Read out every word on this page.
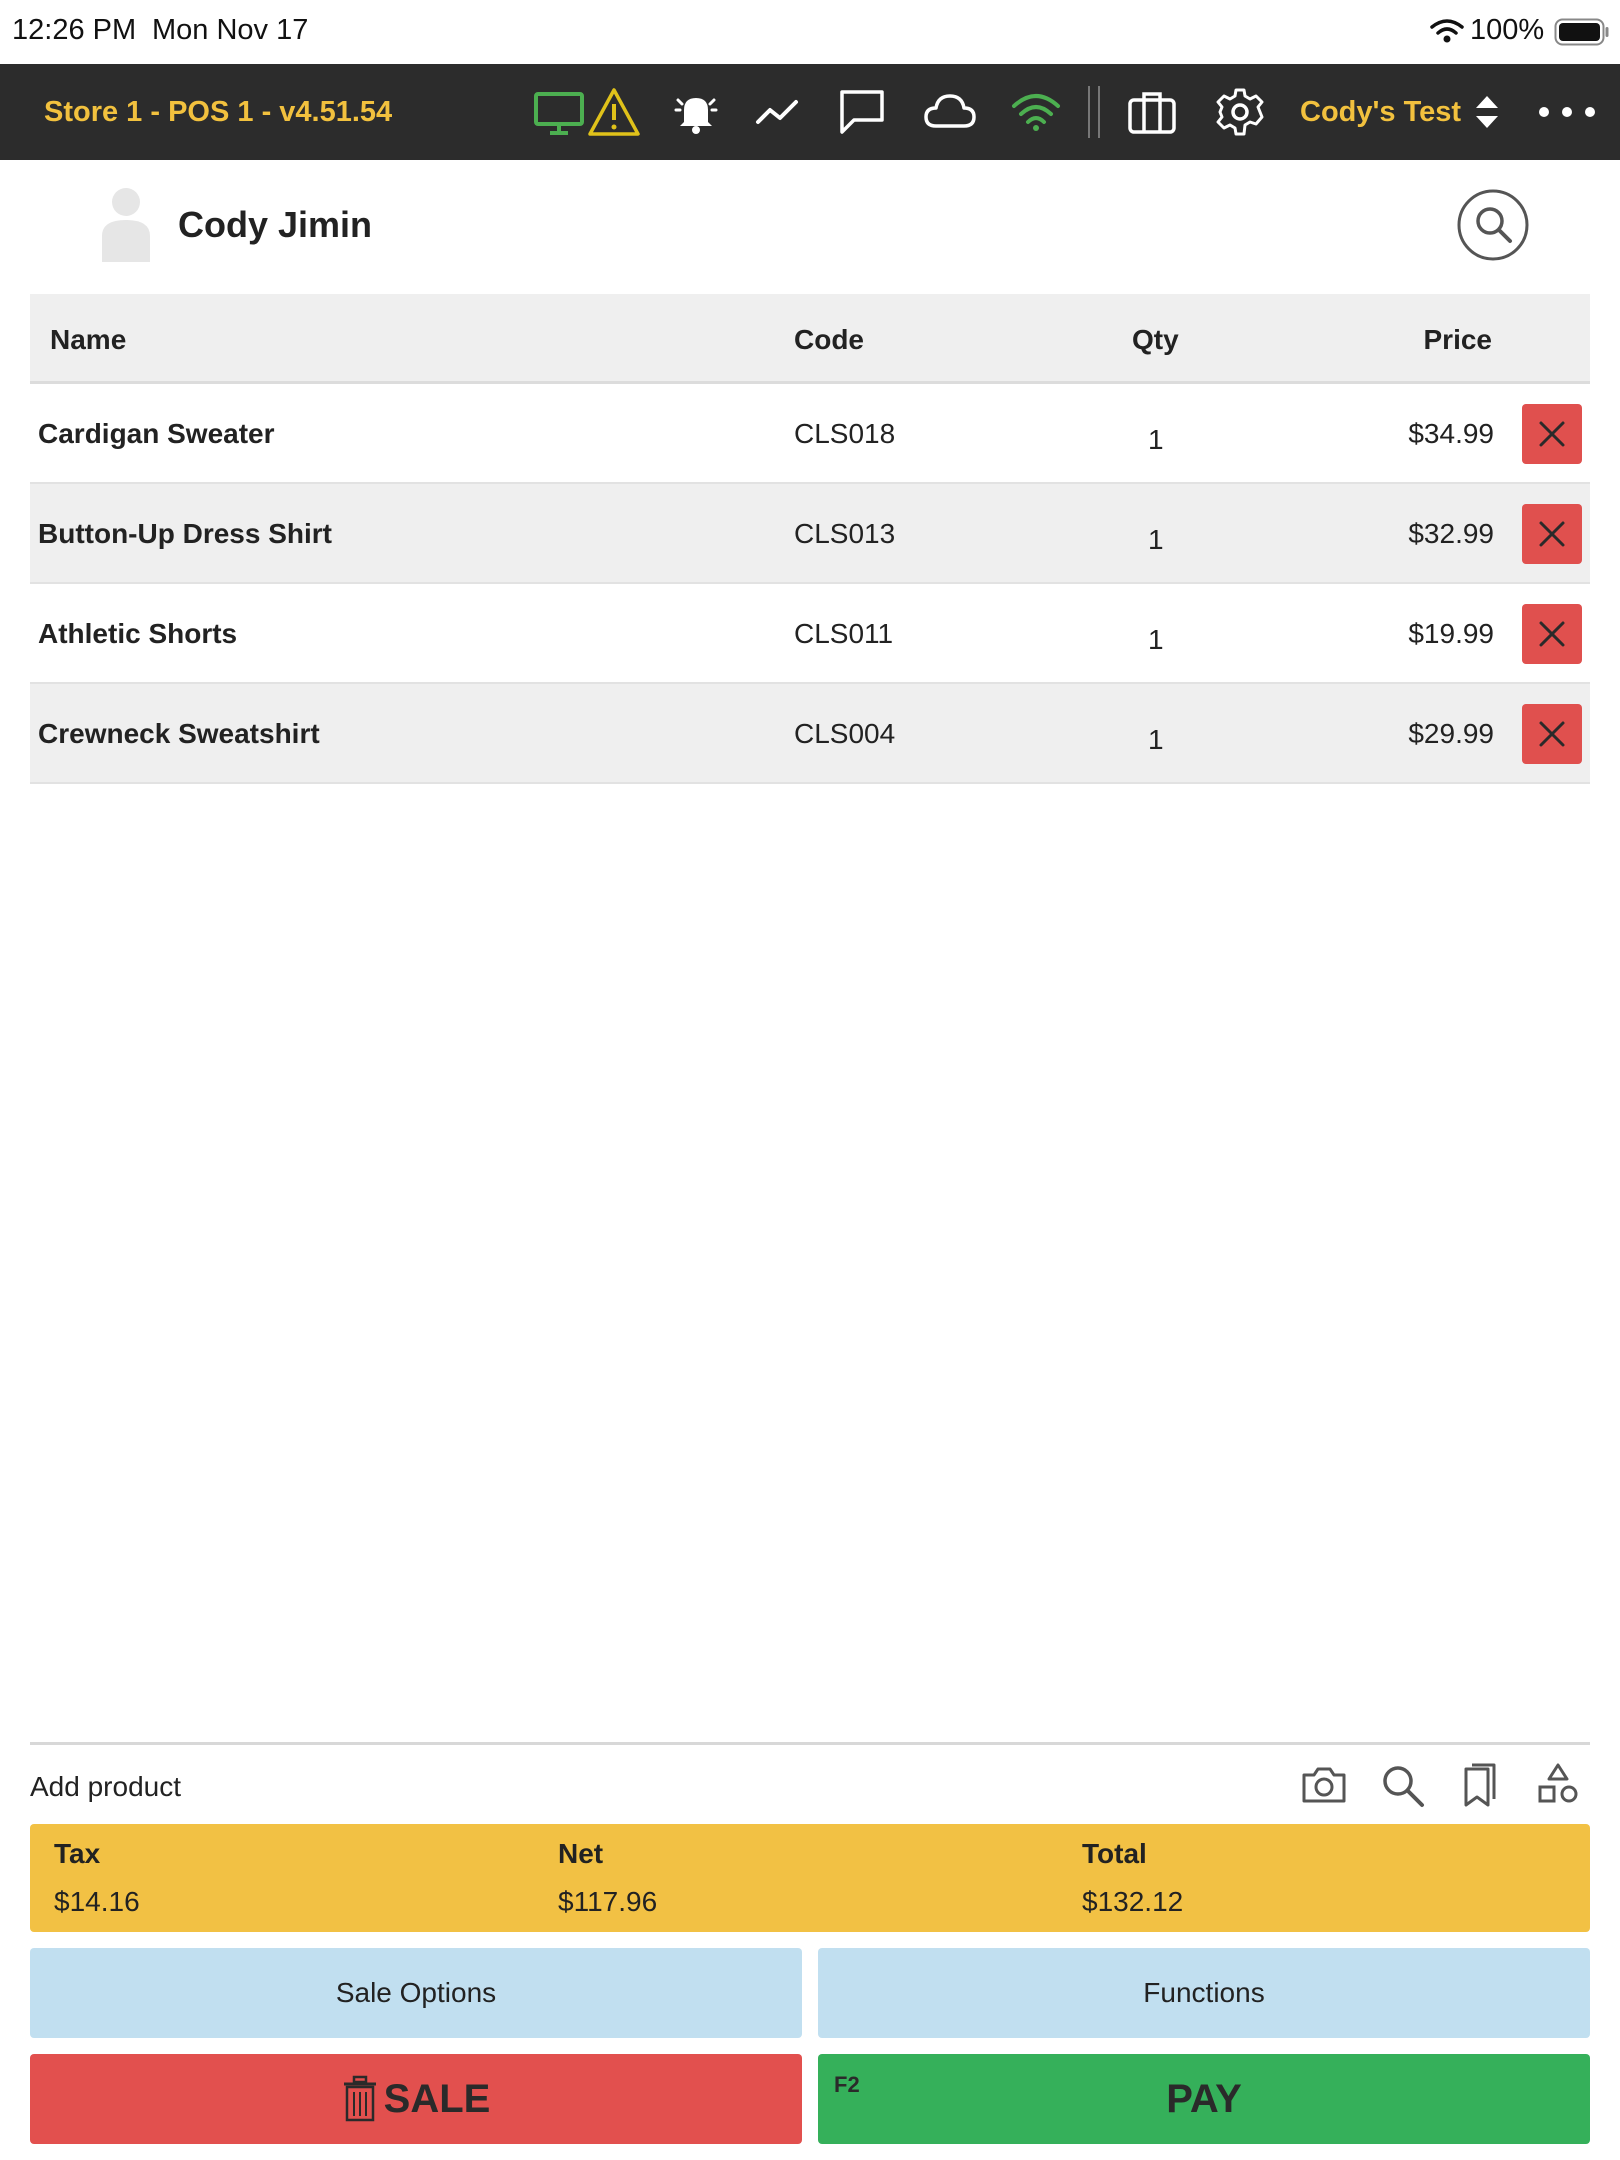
12:26 PM Mon Nov 17	100%
Store 1 - POS 1 - v4.51.54	Cody's Test
Cody Jimin
Name	Code	Qty	Price
Cardigan Sweater	CLS018	1	$34.99
Button-Up Dress Shirt	CLS013	1	$32.99
Athletic Shorts	CLS011	1	$19.99
Crewneck Sweatshirt	CLS004	1	$29.99
Add product
Tax
$14.16
Net
$117.96
Total
$132.12
Sale Options	Functions
SALE	F2	PAY
